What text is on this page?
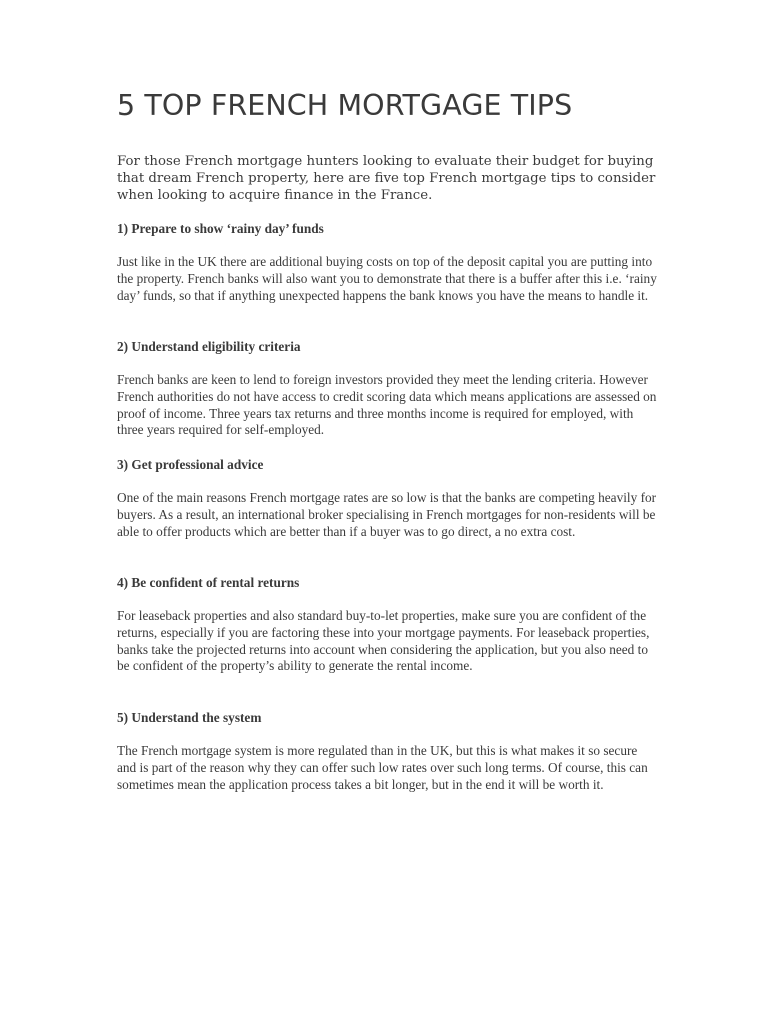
5 TOP FRENCH MORTGAGE TIPS

For those French mortgage hunters looking to evaluate their budget for buying that dream French property, here are five top French mortgage tips to consider when looking to acquire finance in the France.

1) Prepare to show ‘rainy day’ funds

Just like in the UK there are additional buying costs on top of the deposit capital you are putting into the property. French banks will also want you to demonstrate that there is a buffer after this i.e. ‘rainy day’ funds, so that if anything unexpected happens the bank knows you have the means to handle it.

2) Understand eligibility criteria

French banks are keen to lend to foreign investors provided they meet the lending criteria. However French authorities do not have access to credit scoring data which means applications are assessed on proof of income. Three years tax returns and three months income is required for employed, with three years required for self-employed.

3) Get professional advice

One of the main reasons French mortgage rates are so low is that the banks are competing heavily for buyers. As a result, an international broker specialising in French mortgages for non-residents will be able to offer products which are better than if a buyer was to go direct, a no extra cost.

4) Be confident of rental returns

For leaseback properties and also standard buy-to-let properties, make sure you are confident of the returns, especially if you are factoring these into your mortgage payments. For leaseback properties, banks take the projected returns into account when considering the application, but you also need to be confident of the property’s ability to generate the rental income.

5) Understand the system

The French mortgage system is more regulated than in the UK, but this is what makes it so secure and is part of the reason why they can offer such low rates over such long terms. Of course, this can sometimes mean the application process takes a bit longer, but in the end it will be worth it.
